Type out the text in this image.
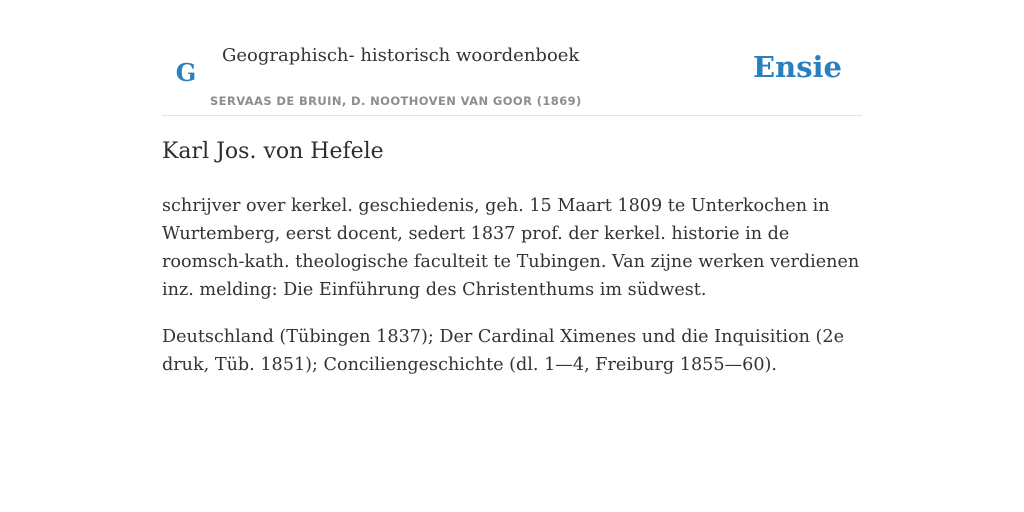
G
Geographisch- historisch woordenboek
SERVAAS DE BRUIN, D. NOOTHOVEN VAN GOOR (1869)
Ensie
Karl Jos. von Hefele

schrijver over kerkel. geschiedenis, geh. 15 Maart 1809 te Unterkochen in Wurtemberg, eerst docent, sedert 1837 prof. der kerkel. historie in de roomsch-kath. theologische faculteit te Tubingen. Van zijne werken verdienen inz. melding: Die Einführung des Christenthums im südwest.

Deutschland (Tübingen 1837); Der Cardinal Ximenes und die Inquisition (2e druk, Tüb. 1851); Conciliengeschichte (dl. 1—4, Freiburg 1855—60).
